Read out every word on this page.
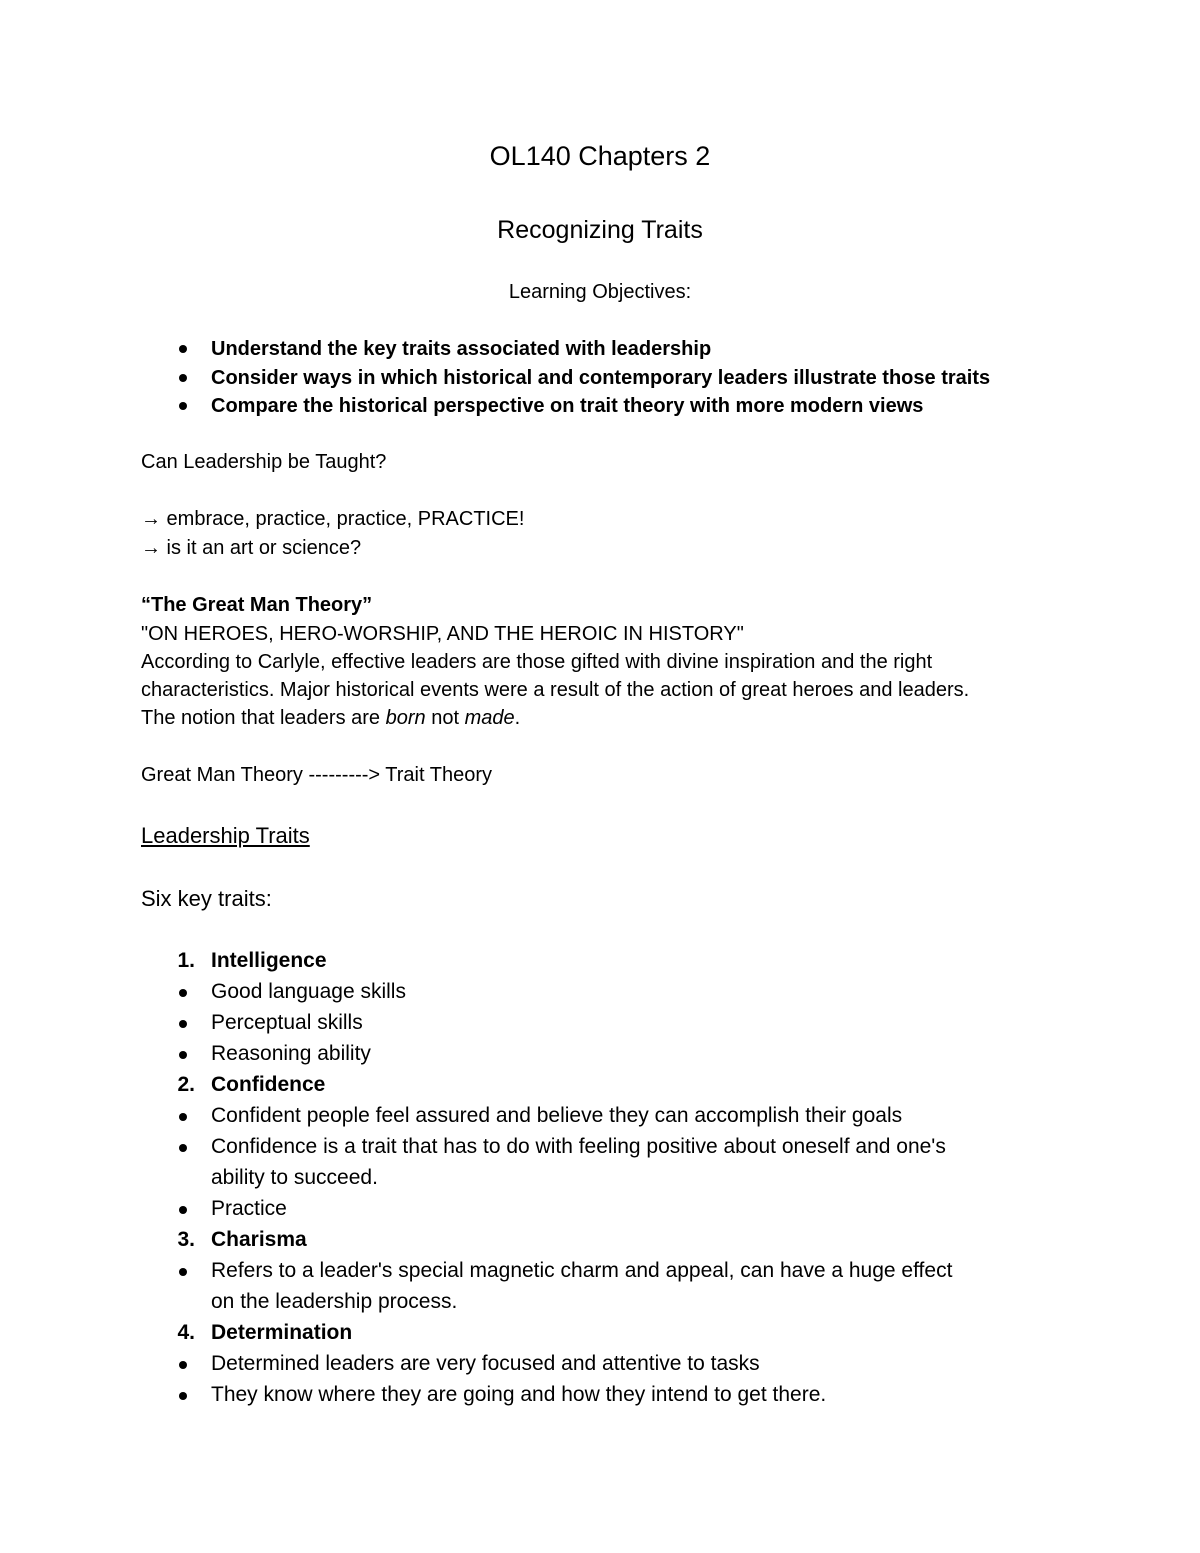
OL140 Chapters 2
Recognizing Traits
Learning Objectives:
Understand the key traits associated with leadership
Consider ways in which historical and contemporary leaders illustrate those traits
Compare the historical perspective on trait theory with more modern views
Can Leadership be Taught?
→ embrace, practice, practice, PRACTICE!
→ is it an art or science?
“The Great Man Theory”
"ON HEROES, HERO-WORSHIP, AND THE HEROIC IN HISTORY"
According to Carlyle, effective leaders are those gifted with divine inspiration and the right
characteristics. Major historical events were a result of the action of great heroes and leaders.
The notion that leaders are born not made.
Great Man Theory ---------> Trait Theory
Leadership Traits
Six key traits:
1. Intelligence
Good language skills
Perceptual skills
Reasoning ability
2. Confidence
Confident people feel assured and believe they can accomplish their goals
Confidence is a trait that has to do with feeling positive about oneself and one's
ability to succeed.
Practice
3. Charisma
Refers to a leader's special magnetic charm and appeal, can have a huge effect
on the leadership process.
4. Determination
Determined leaders are very focused and attentive to tasks
They know where they are going and how they intend to get there.
